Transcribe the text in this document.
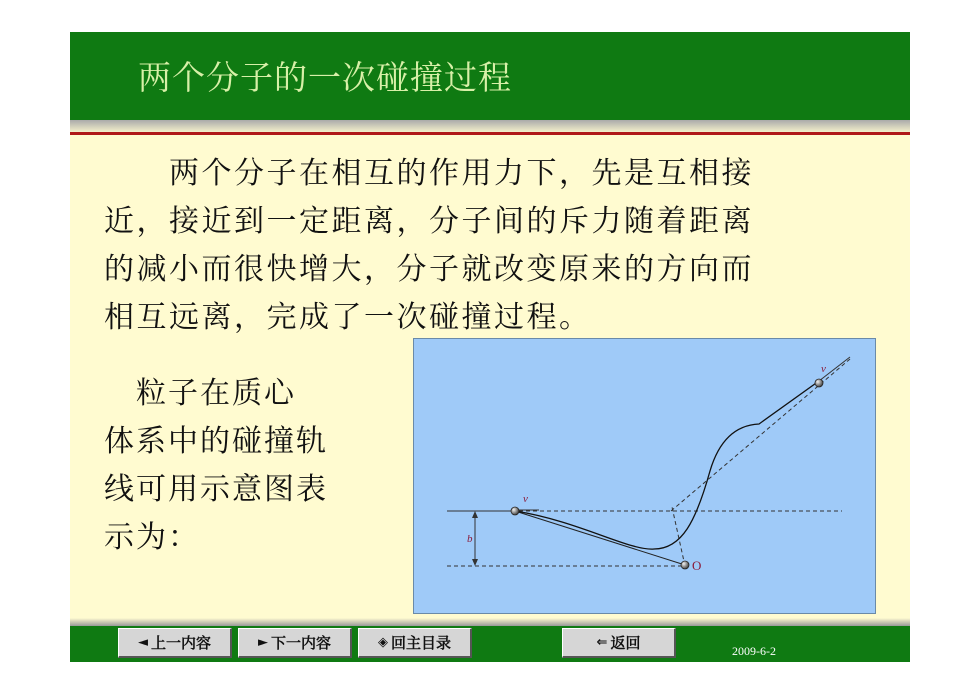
两个分子的一次碰撞过程
　　两个分子在相互的作用力下，先是互相接
近，接近到一定距离，分子间的斥力随着距离
的减小而很快增大，分子就改变原来的方向而
相互远离，完成了一次碰撞过程。
　粒子在质心
体系中的碰撞轨
线可用示意图表
示为：	b
v
v
O
◄ 上一内容	► 下一内容	◈ 回主目录	⇐ 返回	2009-6-2
